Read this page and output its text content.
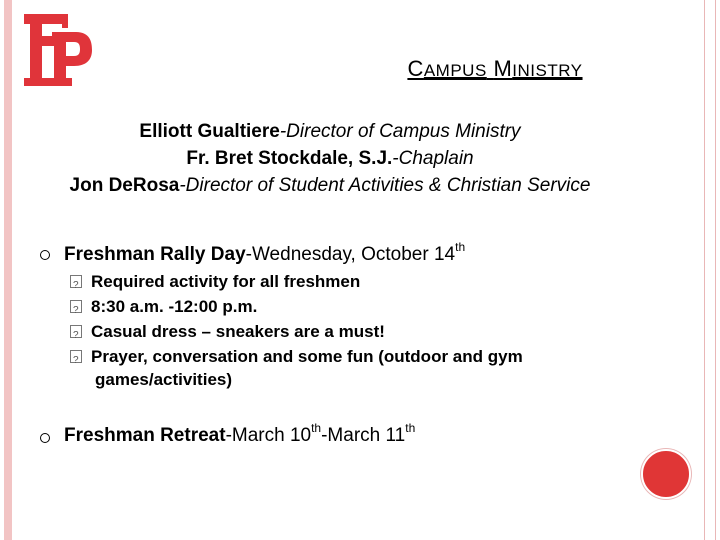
CAMPUS MINISTRY
Elliott Gualtiere-Director of Campus Ministry
Fr. Bret Stockdale, S.J.-Chaplain
Jon DeRosa-Director of Student Activities & Christian Service
Freshman Rally Day-Wednesday, October 14th
?Required activity for all freshmen
?8:30 a.m. -12:00 p.m.
?Casual dress – sneakers are a must!
?Prayer, conversation and some fun (outdoor and gym
games/activities)
Freshman Retreat-March 10th-March 11th
